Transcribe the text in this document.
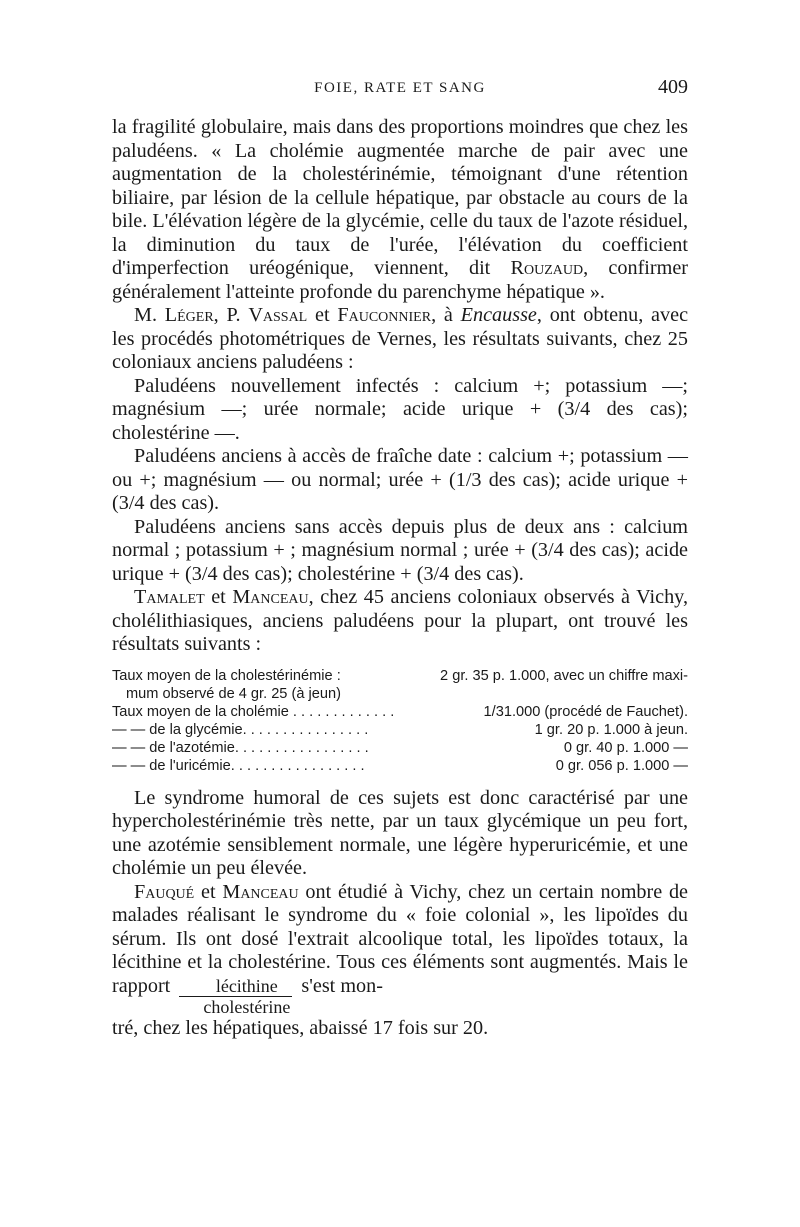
FOIE, RATE ET SANG	409

la fragilité globulaire, mais dans des proportions moindres que chez les paludéens. « La cholémie augmentée marche de pair avec une augmentation de la cholestérinémie, témoignant d'une rétention biliaire, par lésion de la cellule hépatique, par obstacle au cours de la bile. L'élévation légère de la glycémie, celle du taux de l'azote résiduel, la diminution du taux de l'urée, l'élévation du coefficient d'imperfection uréogénique, viennent, dit Rouzaud, confirmer généralement l'atteinte profonde du parenchyme hépatique ».

M. Léger, P. Vassal et Fauconnier, à Encausse, ont obtenu, avec les procédés photométriques de Vernes, les résultats suivants, chez 25 coloniaux anciens paludéens :

Paludéens nouvellement infectés : calcium +; potassium —; magnésium —; urée normale; acide urique + (3/4 des cas); cholestérine —.

Paludéens anciens à accès de fraîche date : calcium +; potassium — ou +; magnésium — ou normal; urée + (1/3 des cas); acide urique + (3/4 des cas).

Paludéens anciens sans accès depuis plus de deux ans : calcium normal ; potassium + ; magnésium normal ; urée + (3/4 des cas); acide urique + (3/4 des cas); cholestérine + (3/4 des cas).

Tamalet et Manceau, chez 45 anciens coloniaux observés à Vichy, cholélithiasiques, anciens paludéens pour la plupart, ont trouvé les résultats suivants :

Taux moyen de la cholestérinémie :	2 gr. 35 p. 1.000, avec un chiffre maxi-
mum observé de 4 gr. 25 (à jeun)
Taux moyen de la cholémie . . . . . . . . . . . . .	1/31.000 (procédé de Fauchet).
— — de la glycémie. . . . . . . . . . . . . . . .	1 gr. 20 p. 1.000 à jeun.
— — de l'azotémie. . . . . . . . . . . . . . . . .	0 gr. 40 p. 1.000 —
— — de l'uricémie. . . . . . . . . . . . . . . . .	0 gr. 056 p. 1.000 —

Le syndrome humoral de ces sujets est donc caractérisé par une hypercholestérinémie très nette, par un taux glycémique un peu fort, une azotémie sensiblement normale, une légère hyperuricémie, et une cholémie un peu élevée.

Fauqué et Manceau ont étudié à Vichy, chez un certain nombre de malades réalisant le syndrome du « foie colonial », les lipoïdes du sérum. Ils ont dosé l'extrait alcoolique total, les lipoïdes totaux, la lécithine et la cholestérine. Tous ces éléments sont augmentés. Mais le rapport $\frac{\text{lécithine}}{\text{cholestérine}} s'est$ mon-

tré, chez les hépatiques, abaissé 17 fois sur 20.
